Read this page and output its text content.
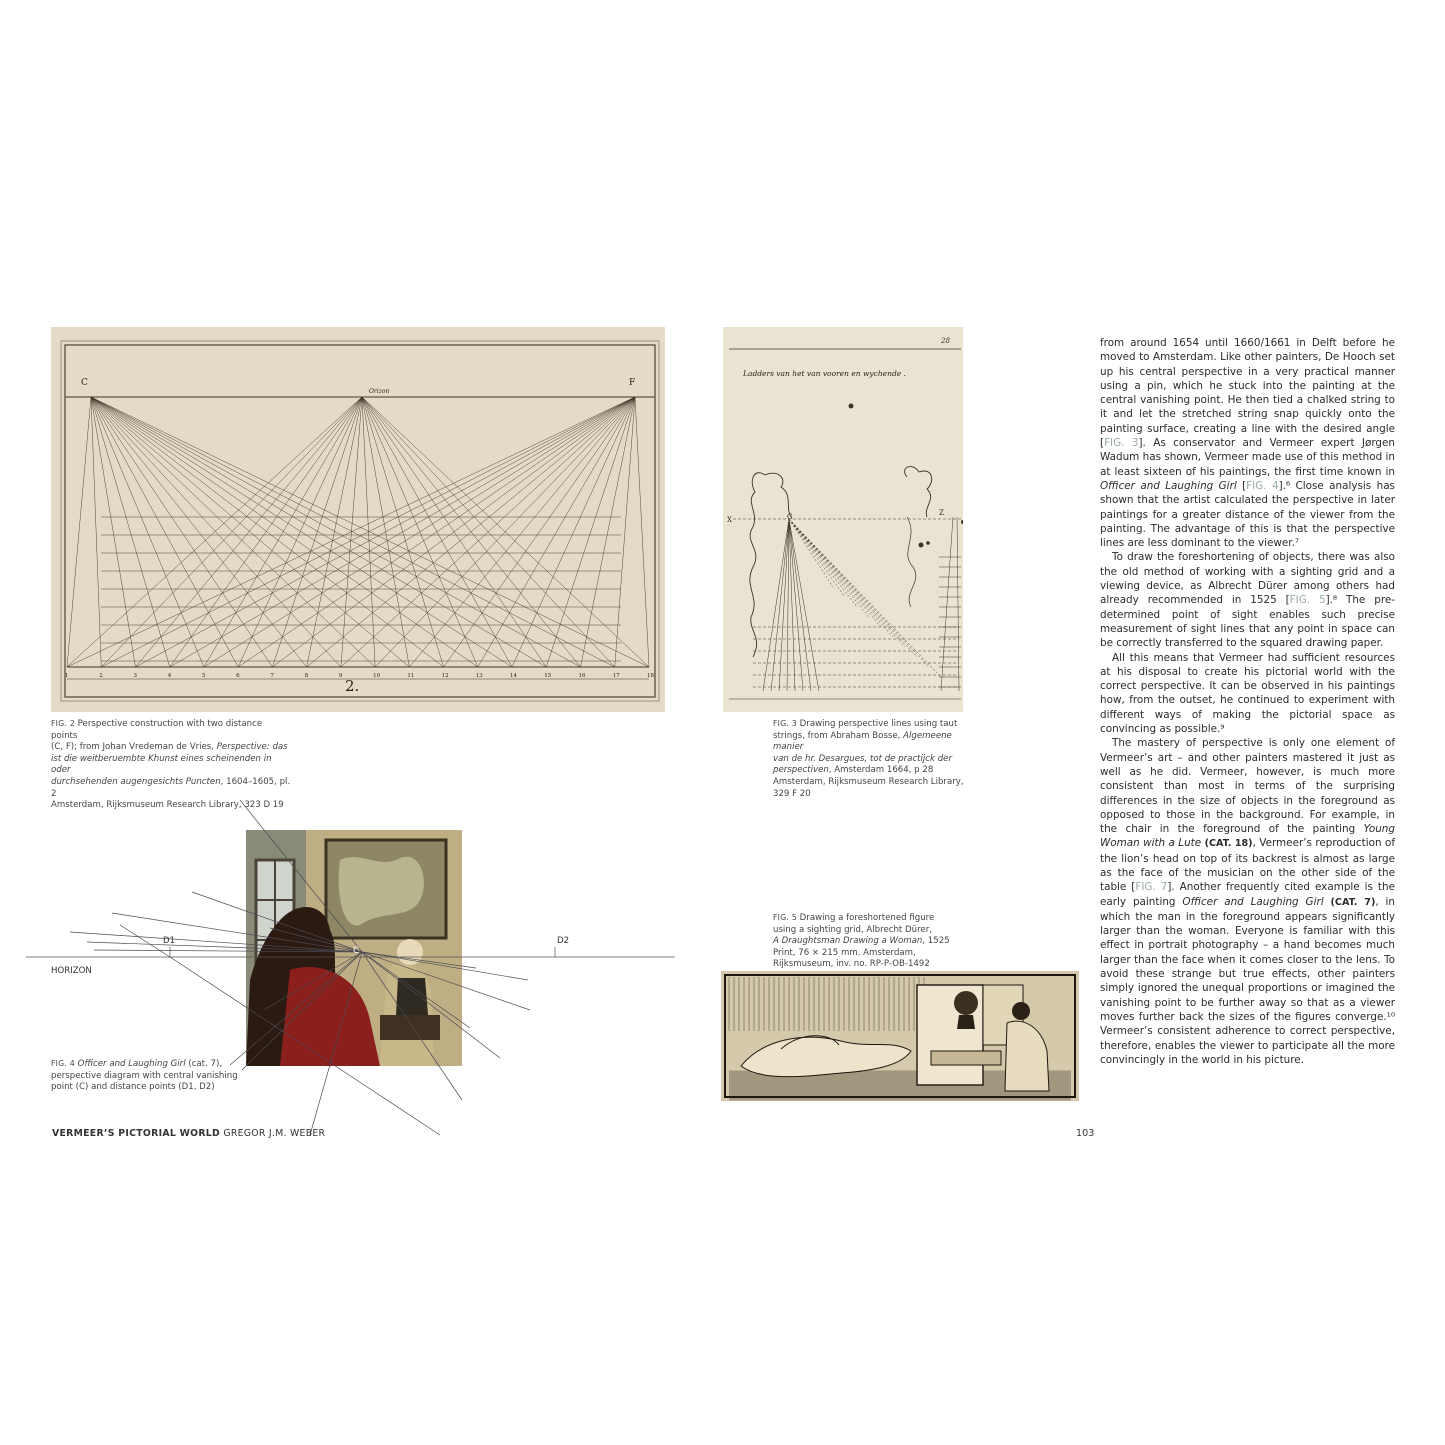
C	F
Orizon
2.
1	2	3	4	5	6	7	8	9	10	11	12	13	14	15	16	17	18
FIG. 2 Perspective construction with two distance points
(C, F); from Johan Vredeman de Vries, Perspective: das
ist die weitberuembte Khunst eines scheinenden in oder
durchsehenden augengesichts Puncten, 1604–1605, pl. 2
Amsterdam, Rijksmuseum Research Library, 323 D 19
28
Ladders van het van vooren en wychende .
X	G	Z
FIG. 3 Drawing perspective lines using taut
strings, from Abraham Bosse, Algemeene manier
van de hr. Desargues, tot de practijck der
perspectiven, Amsterdam 1664, p 28
Amsterdam, Rijksmuseum Research Library,
329 F 20
D1	D2
C
HORIZON
FIG. 4 Officer and Laughing Girl (cat. 7),
perspective diagram with central vanishing
point (C) and distance points (D1, D2)
FIG. 5 Drawing a foreshortened figure
using a sighting grid, Albrecht Dürer,
A Draughtsman Drawing a Woman, 1525
Print, 76 × 215 mm. Amsterdam,
Rijksmuseum, inv. no. RP-P-OB-1492

from around 1654 until 1660/1661 in Delft before he moved to Amsterdam. Like other painters, De Hooch set up his central perspective in a very practical manner using a pin, which he stuck into the painting at the central vanishing point. He then tied a chalked string to it and let the stretched string snap quickly onto the painting surface, creating a line with the desired angle [FIG. 3]. As conservator and Vermeer expert Jørgen Wadum has shown, Vermeer made use of this method in at least sixteen of his paintings, the first time known in Officer and Laughing Girl [FIG. 4].⁶ Close analysis has shown that the artist calculated the perspective in later paintings for a greater distance of the viewer from the painting. The advantage of this is that the perspective lines are less dominant to the viewer.⁷

To draw the foreshortening of objects, there was also the old method of working with a sighting grid and a viewing device, as Albrecht Dürer among others had already recommended in 1525 [FIG. 5].⁸ The pre-determined point of sight enables such precise measurement of sight lines that any point in space can be correctly transferred to the squared drawing paper.

All this means that Vermeer had sufficient resources at his disposal to create his pictorial world with the correct perspective. It can be observed in his paintings how, from the outset, he continued to experiment with different ways of making the pictorial space as convincing as possible.⁹

The mastery of perspective is only one element of Vermeer’s art – and other painters mastered it just as well as he did. Vermeer, however, is much more consistent than most in terms of the surprising differences in the size of objects in the foreground as opposed to those in the background. For example, in the chair in the foreground of the painting Young Woman with a Lute (CAT. 18), Vermeer’s reproduction of the lion’s head on top of its backrest is almost as large as the face of the musician on the other side of the table [FIG. 7]. Another frequently cited example is the early painting Officer and Laughing Girl (CAT. 7), in which the man in the foreground appears significantly larger than the woman. Everyone is familiar with this effect in portrait photography – a hand becomes much larger than the face when it comes closer to the lens. To avoid these strange but true effects, other painters simply ignored the unequal proportions or imagined the vanishing point to be further away so that as a viewer moves further back the sizes of the figures converge.¹⁰ Vermeer’s consistent adherence to correct perspective, therefore, enables the viewer to participate all the more convincingly in the world in his picture.

VERMEER’S PICTORIAL WORLD GREGOR J.M. WEBER	103
